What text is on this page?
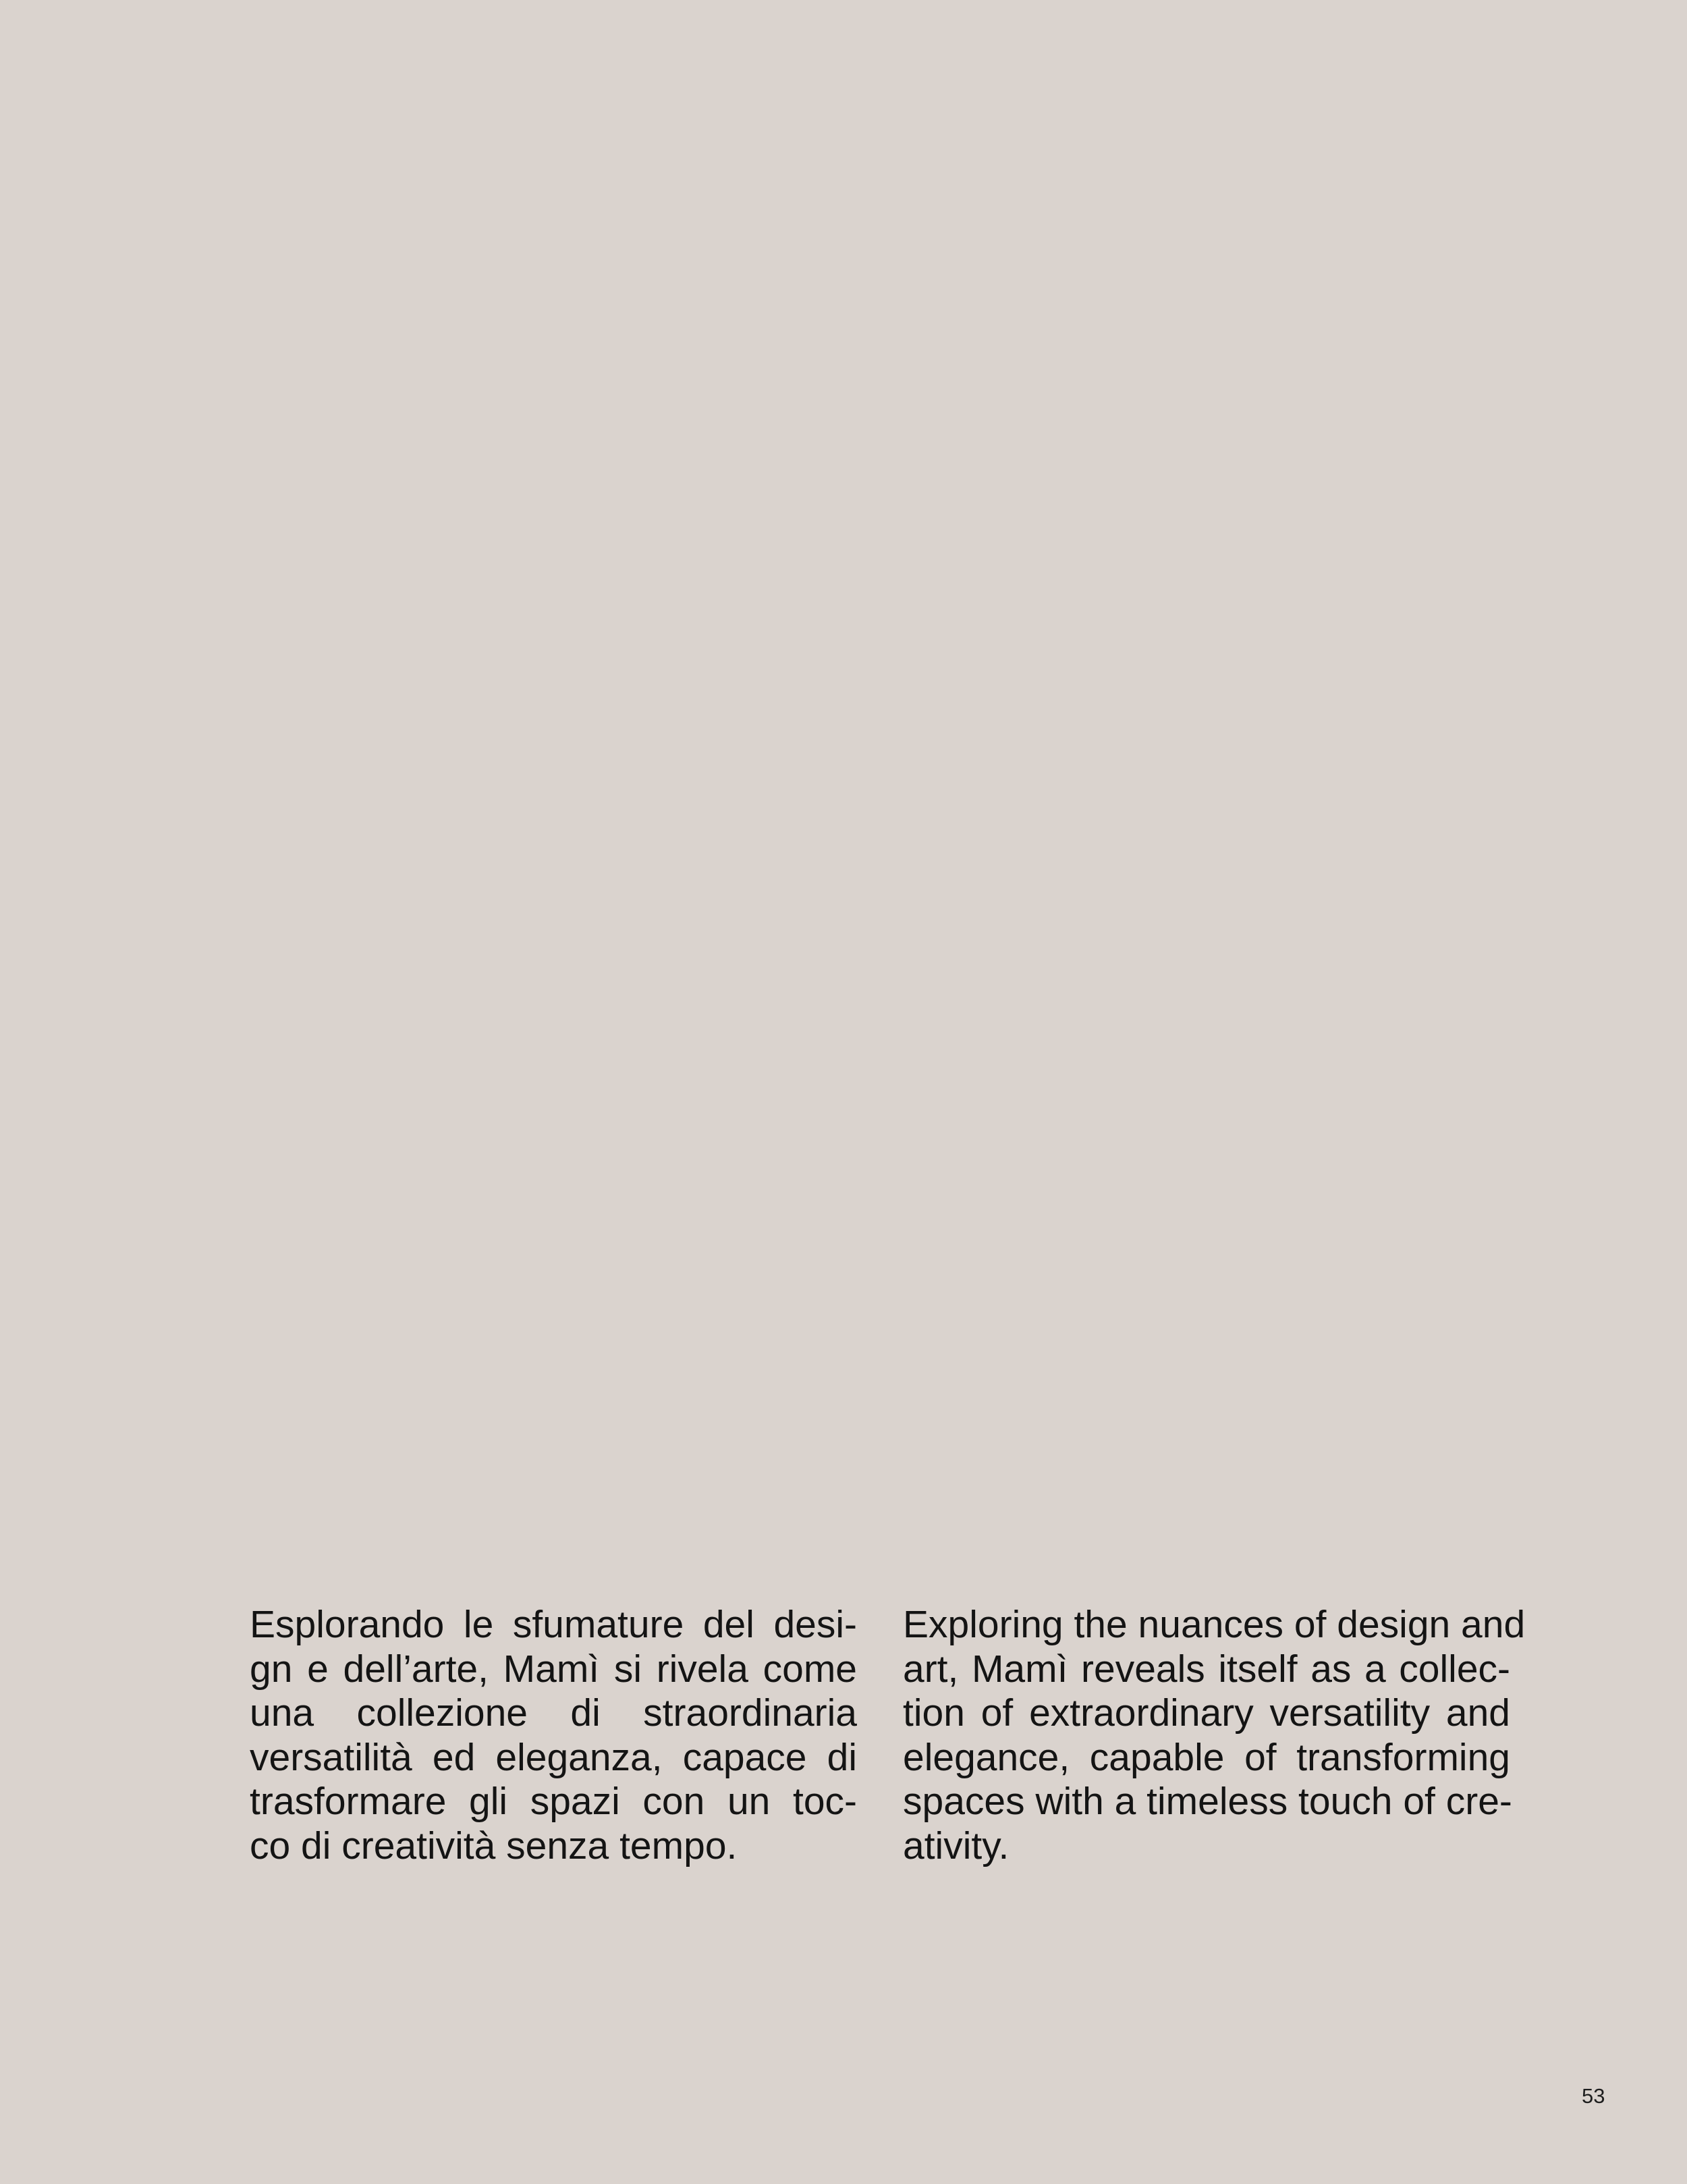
Esplorando le sfumature del desi-
gn e dell’arte, Mamì si rivela come
una collezione di straordinaria
versatilità ed eleganza, capace di
trasformare gli spazi con un toc-
co di creatività senza tempo.
Exploring the nuances of design and
art, Mamì reveals itself as a collec-
tion of extraordinary versatility and
elegance, capable of transforming
spaces with a timeless touch of cre-
ativity.
53
